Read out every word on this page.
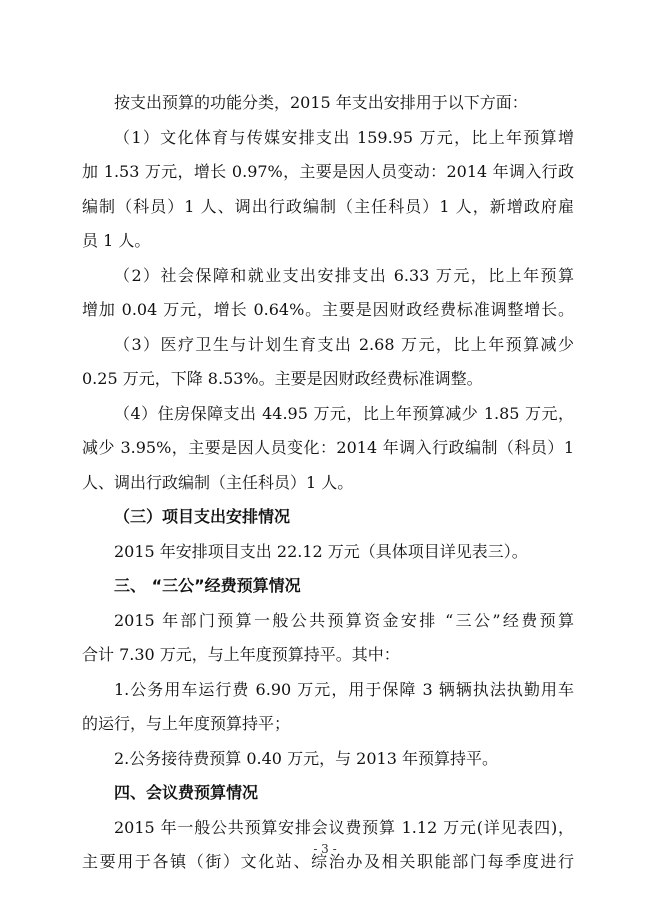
按支出预算的功能分类，2015 年支出安排用于以下方面：
（1）文化体育与传媒安排支出 159.95 万元，比上年预算增
加 1.53 万元，增长 0.97%，主要是因人员变动：2014 年调入行政
编制（科员）1 人、调出行政编制（主任科员）1 人，新增政府雇
员 1 人。
（2）社会保障和就业支出安排支出 6.33 万元，比上年预算
增加 0.04 万元，增长 0.64%。主要是因财政经费标准调整增长。
（3）医疗卫生与计划生育支出 2.68 万元，比上年预算减少
0.25 万元，下降 8.53%。主要是因财政经费标准调整。
（4）住房保障支出 44.95 万元，比上年预算减少 1.85 万元，
减少 3.95%，主要是因人员变化：2014 年调入行政编制（科员）1
人、调出行政编制（主任科员）1 人。
（三）项目支出安排情况
2015 年安排项目支出 22.12 万元（具体项目详见表三）。
三、 “三公”经费预算情况
2015 年部门预算一般公共预算资金安排 “三公”经费预算
合计 7.30 万元，与上年度预算持平。其中：
1.公务用车运行费 6.90 万元，用于保障 3 辆辆执法执勤用车
的运行，与上年度预算持平；
2.公务接待费预算 0.40 万元，与 2013 年预算持平。
四、会议费预算情况
2015 年一般公共预算安排会议费预算 1.12 万元(详见表四)，
主要用于各镇（街）文化站、综治办及相关职能部门每季度进行
- 3 -
